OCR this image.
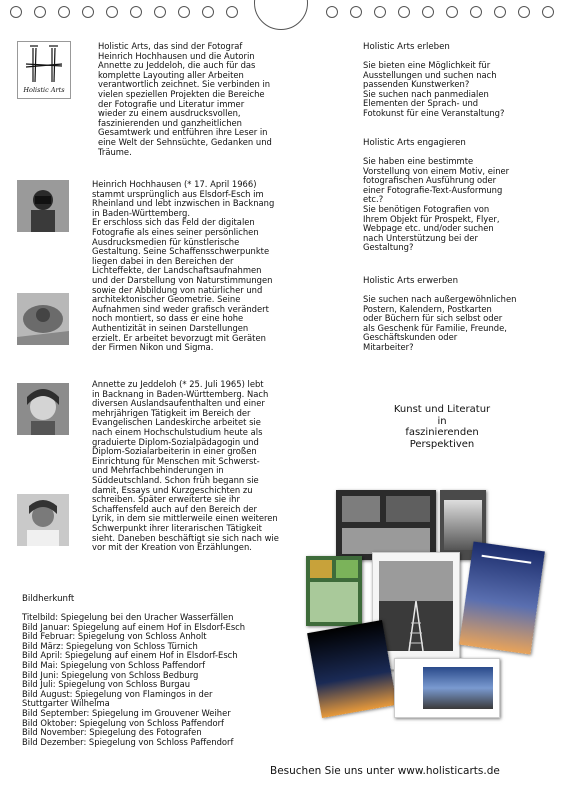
Holistic Arts
Holistic Arts, das sind der Fotograf
Heinrich Hochhausen und die Autorin
Annette zu Jeddeloh, die auch für das
komplette Layouting aller Arbeiten
verantwortlich zeichnet. Sie verbinden in
vielen speziellen Projekten die Bereiche
der Fotografie und Literatur immer
wieder zu einem ausdrucksvollen,
faszinierenden und ganzheitlichen
Gesamtwerk und entführen ihre Leser in
eine Welt der Sehnsüchte, Gedanken und
Träume.
Heinrich Hochhausen (* 17. April 1966)
stammt ursprünglich aus Elsdorf-Esch im
Rheinland und lebt inzwischen in Backnang
in Baden-Württemberg.
Er erschloss sich das Feld der digitalen
Fotografie als eines seiner persönlichen
Ausdrucksmedien für künstlerische
Gestaltung. Seine Schaffensschwerpunkte
liegen dabei in den Bereichen der
Lichteffekte, der Landschaftsaufnahmen
und der Darstellung von Naturstimmungen
sowie der Abbildung von natürlicher und
architektonischer Geometrie. Seine
Aufnahmen sind weder grafisch verändert
noch montiert, so dass er eine hohe
Authentizität in seinen Darstellungen
erzielt. Er arbeitet bevorzugt mit Geräten
der Firmen Nikon und Sigma.
Annette zu Jeddeloh (* 25. Juli 1965) lebt
in Backnang in Baden-Württemberg. Nach
diversen Auslandsaufenthalten und einer
mehrjährigen Tätigkeit im Bereich der
Evangelischen Landeskirche arbeitet sie
nach einem Hochschulstudium heute als
graduierte Diplom-Sozialpädagogin und
Diplom-Sozialarbeiterin in einer großen
Einrichtung für Menschen mit Schwerst-
und Mehrfachbehinderungen in
Süddeutschland. Schon früh begann sie
damit, Essays und Kurzgeschichten zu
schreiben. Später erweiterte sie ihr
Schaffensfeld auch auf den Bereich der
Lyrik, in dem sie mittlerweile einen weiteren
Schwerpunkt ihrer literarischen Tätigkeit
sieht. Daneben beschäftigt sie sich nach wie
vor mit der Kreation von Erzählungen.
Holistic Arts erleben
Sie bieten eine Möglichkeit für
Ausstellungen und suchen nach
passenden Kunstwerken?
Sie suchen nach panmedialen
Elementen der Sprach- und
Fotokunst für eine Veranstaltung?
Holistic Arts engagieren
Sie haben eine bestimmte
Vorstellung von einem Motiv, einer
fotografischen Ausführung oder
einer Fotografie-Text-Ausformung
etc.?
Sie benötigen Fotografien von
Ihrem Objekt für Prospekt, Flyer,
Webpage etc. und/oder suchen
nach Unterstützung bei der
Gestaltung?
Holistic Arts erwerben
Sie suchen nach außergewöhnlichen
Postern, Kalendern, Postkarten
oder Büchern für sich selbst oder
als Geschenk für Familie, Freunde,
Geschäftskunden oder
Mitarbeiter?
Kunst und Literatur
in
faszinierenden
Perspektiven
Bildherkunft
Titelbild: Spiegelung bei den Uracher Wasserfällen
Bild Januar: Spiegelung auf einem Hof in Elsdorf-Esch
Bild Februar: Spiegelung von Schloss Anholt
Bild März: Spiegelung von Schloss Türnich
Bild April: Spiegelung auf einem Hof in Elsdorf-Esch
Bild Mai: Spiegelung von Schloss Paffendorf
Bild Juni: Spiegelung von Schloss Bedburg
Bild Juli: Spiegelung von Schloss Burgau
Bild August: Spiegelung von Flamingos in der
Stuttgarter Wilhelma
Bild September: Spiegelung im Grouvener Weiher
Bild Oktober: Spiegelung von Schloss Paffendorf
Bild November: Spiegelung des Fotografen
Bild Dezember: Spiegelung von Schloss Paffendorf
Besuchen Sie uns unter www.holisticarts.de
